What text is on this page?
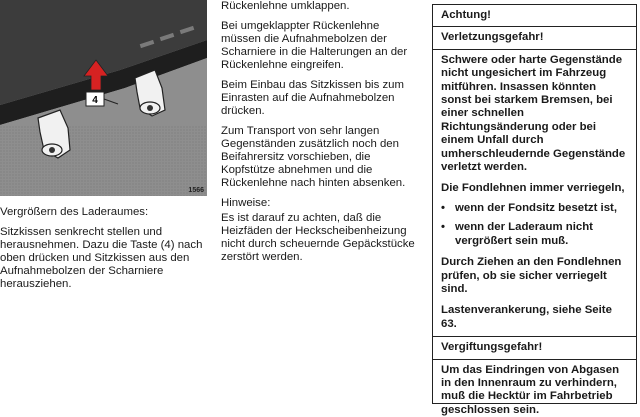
4
1566

Vergrößern des Laderaumes:

Sitzkissen senkrecht stellen und herausnehmen. Dazu die Taste (4) nach oben drücken und Sitzkissen aus den Aufnahmebolzen der Scharniere herausziehen.

Rückenlehne umklappen.

Bei umgeklappter Rückenlehne müssen die Aufnahmebolzen der Scharniere in die Halterungen an der Rückenlehne eingreifen.

Beim Einbau das Sitzkissen bis zum Einrasten auf die Aufnahmebolzen drücken.

Zum Transport von sehr langen Gegenständen zusätzlich noch den Beifahrersitz vorschieben, die Kopfstütze abnehmen und die Rückenlehne nach hinten absenken.

Hinweise:

Es ist darauf zu achten, daß die Heizfäden der Heckscheibenheizung nicht durch scheuernde Gepäckstücke zerstört werden.

Achtung!

Verletzungsgefahr!

Schwere oder harte Gegenstände nicht ungesichert im Fahrzeug mitführen. Insassen könnten sonst bei starkem Bremsen, bei einer schnellen Richtungsänderung oder bei einem Unfall durch umherschleudernde Gegenstände verletzt werden.

Die Fondlehnen immer verriegeln,

• wenn der Fondsitz besetzt ist,

• wenn der Laderaum nicht vergrößert sein muß.

Durch Ziehen an den Fondlehnen prüfen, ob sie sicher verriegelt sind.

Lastenverankerung, siehe Seite 63.

Vergiftungsgefahr!

Um das Eindringen von Abgasen in den Innenraum zu verhindern, muß die Hecktür im Fahrbetrieb geschlossen sein.
